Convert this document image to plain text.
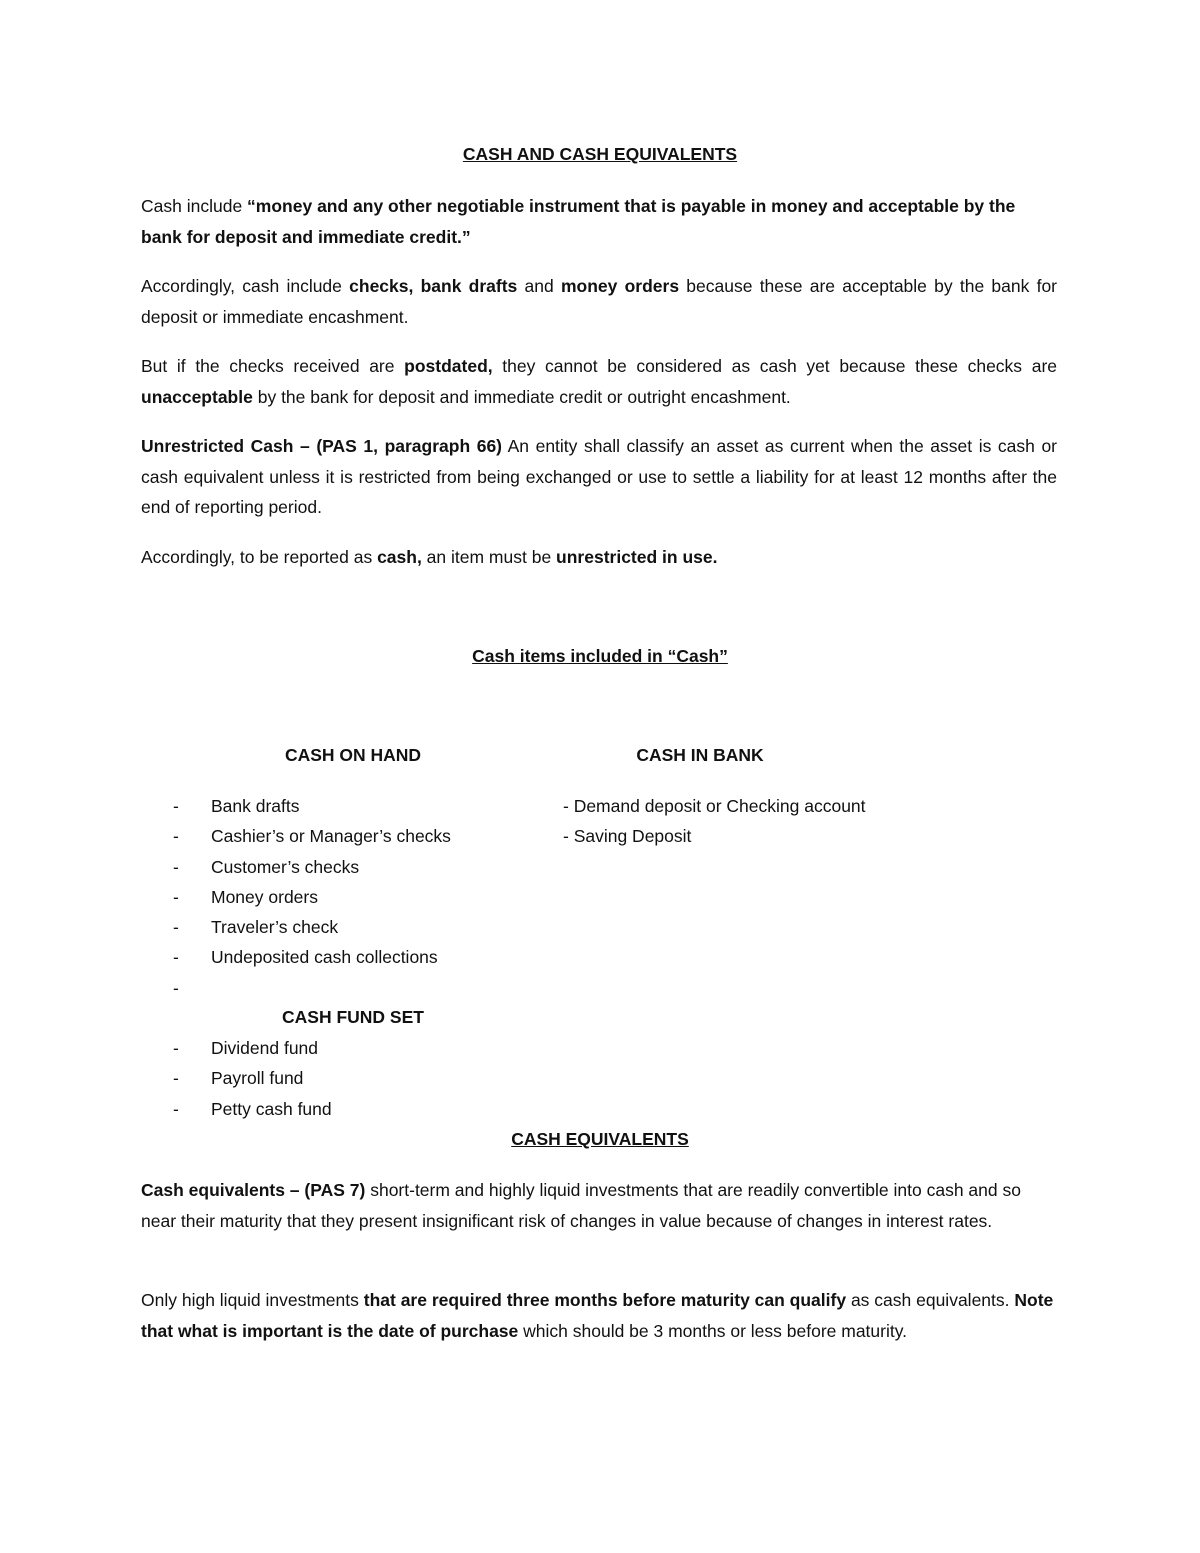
CASH AND CASH EQUIVALENTS

Cash include “money and any other negotiable instrument that is payable in money and acceptable by the bank for deposit and immediate credit.”

Accordingly, cash include checks, bank drafts and money orders because these are acceptable by the bank for deposit or immediate encashment.

But if the checks received are postdated, they cannot be considered as cash yet because these checks are unacceptable by the bank for deposit and immediate credit or outright encashment.

Unrestricted Cash – (PAS 1, paragraph 66) An entity shall classify an asset as current when the asset is cash or cash equivalent unless it is restricted from being exchanged or use to settle a liability for at least 12 months after the end of reporting period.

Accordingly, to be reported as cash, an item must be unrestricted in use.

Cash items included in “Cash”
CASH ON HAND	CASH IN BANK
- Bank drafts
- Cashier’s or Manager’s checks
- Customer’s checks
- Money orders
- Traveler’s check
- Undeposited cash collections
-
- Demand deposit or Checking account
- Saving Deposit
CASH FUND SET
- Dividend fund
- Payroll fund
- Petty cash fund
CASH EQUIVALENTS

Cash equivalents – (PAS 7) short-term and highly liquid investments that are readily convertible into cash and so near their maturity that they present insignificant risk of changes in value because of changes in interest rates.

Only high liquid investments that are required three months before maturity can qualify as cash equivalents. Note that what is important is the date of purchase which should be 3 months or less before maturity.
